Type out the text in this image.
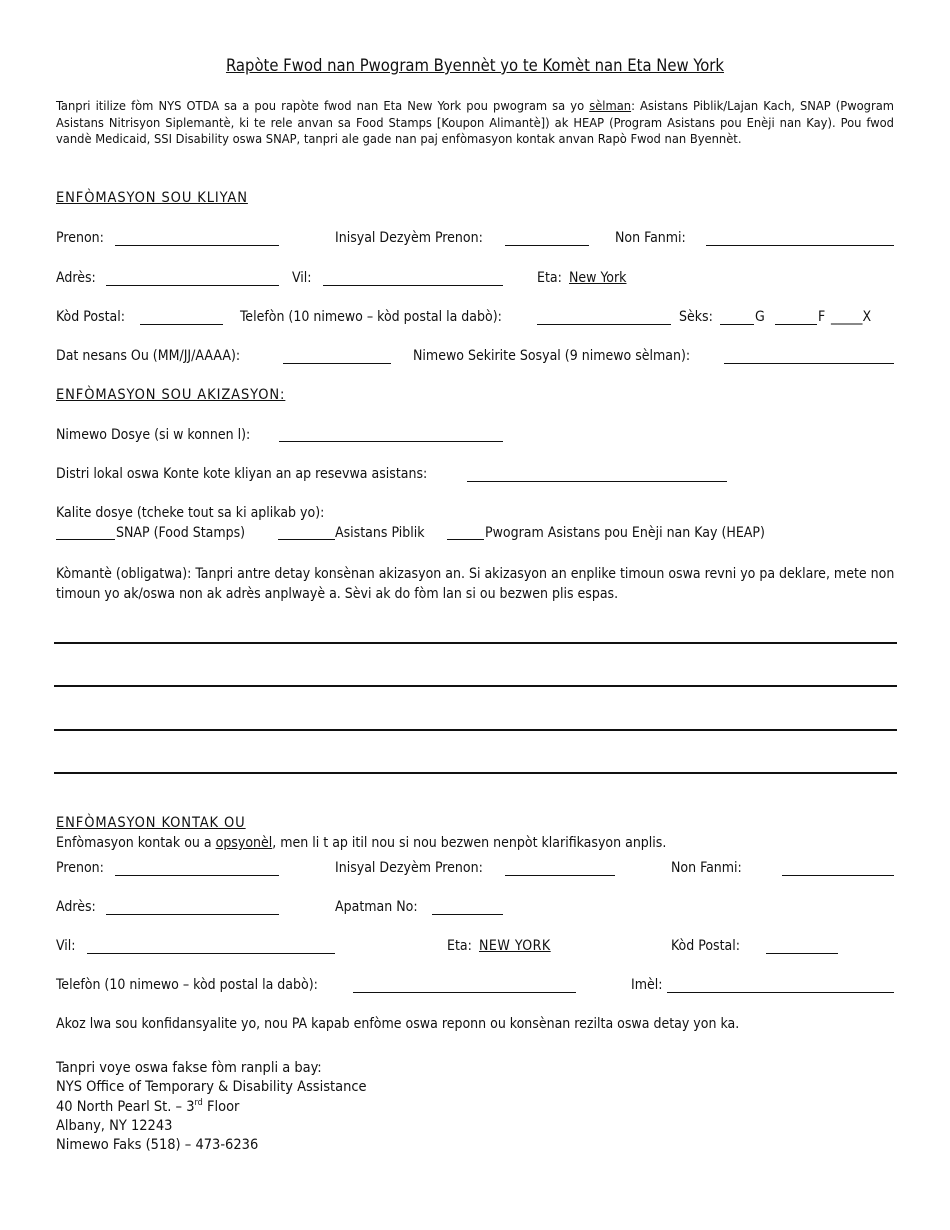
Rapòte Fwod nan Pwogram Byennèt yo te Komèt nan Eta New York
Tanpri itilize fòm NYS OTDA sa a pou rapòte fwod nan Eta New York pou pwogram sa yo sèlman: Asistans Piblik/Lajan Kach, SNAP (Pwogram Asistans Nitrisyon Siplemantè, ki te rele anvan sa Food Stamps [Koupon Alimantè]) ak HEAP (Program Asistans pou Enèji nan Kay). Pou fwod vandè Medicaid, SSI Disability oswa SNAP, tanpri ale gade nan paj enfòmasyon kontak anvan Rapò Fwod nan Byennèt.
ENFÒMASYON SOU KLIYAN
Prenon:	Inisyal Dezyèm Prenon:	Non Fanmi:
Adrès:	Vil:	Eta: New York
Kòd Postal:	Telefòn (10 nimewo – kòd postal la dabò):	Sèks:	G	F _____X
Dat nesans Ou (MM/JJ/AAAA):	Nimewo Sekirite Sosyal (9 nimewo sèlman):
ENFÒMASYON SOU AKIZASYON:
Nimewo Dosye (si w konnen l):
Distri lokal oswa Konte kote kliyan an ap resevwa asistans:
Kalite dosye (tcheke tout sa ki aplikab yo):
SNAP (Food Stamps)	Asistans Piblik	Pwogram Asistans pou Enèji nan Kay (HEAP)
Kòmantè (obligatwa): Tanpri antre detay konsènan akizasyon an. Si akizasyon an enplike timoun oswa revni yo pa deklare, mete non timoun yo ak/oswa non ak adrès anplwayè a. Sèvi ak do fòm lan si ou bezwen plis espas.
ENFÒMASYON KONTAK OU
Enfòmasyon kontak ou a opsyonèl, men li t ap itil nou si nou bezwen nenpòt klarifikasyon anplis.
Prenon:	Inisyal Dezyèm Prenon:	Non Fanmi:
Adrès:	Apatman No:
Vil:	Eta: NEW YORK	Kòd Postal:
Telefòn (10 nimewo – kòd postal la dabò):	Imèl:
Akoz lwa sou konfidansyalite yo, nou PA kapab enfòme oswa reponn ou konsènan rezilta oswa detay yon ka.
Tanpri voye oswa fakse fòm ranpli a bay:
NYS Office of Temporary & Disability Assistance
40 North Pearl St. – 3rd Floor
Albany, NY 12243
Nimewo Faks (518) – 473-6236
